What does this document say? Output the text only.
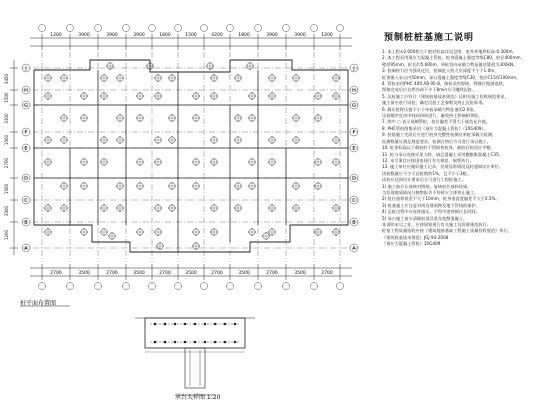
J	J
H	H
G	G
F	F
E	E
D	D
C	C
B	B
A	A
1200	3900	3900	3900	1800	1500	4200	1800	3900	3900	1200
2700	3500	2700	3500	2700	3500	2700	3500	2700	3500	2700
3450
1500
3300
1500
2700
1500
3300
1200
预制桩桩基施工说明
1. 本工程±0.000相当于绝对标高详见总图，室外外地坪标高-0.300m。
2. 本工程采用预应力混凝土管桩，桩身混凝土强度等级C80，桩径400mm，
壁厚95mm，桩长约5.600m，单桩竖向承载力特征值估算值为300kN。
3. 桩端持力层为强风化层，桩端进入持力层深度不小于1.0m，
桩顶嵌入承台内50mm，承台混凝土强度等级C30，垫层C15厚100mm。
4. 管桩采用PHC 400 AB 95-8，接桩采用焊接，焊缝应饱满连续，
焊接完成后应自然冷却不少于8min方可继续沉桩。
5. 沉桩施工应符合《建筑桩基技术规范》及相关施工验收规范要求，
施工前应进行试桩，确定沉桩工艺参数及终止沉桩标准。
6. 静压桩终压值不小于单桩承载力特征值的2.0倍，
压桩顺序宜由中间向四周进行，避免挤土影响相邻桩。
7. 图中 ○ 表示预制管桩，桩位偏差不得大于规范允许值。
8. PHC管桩图集采用《预应力混凝土管桩》（10G409）。
9. 桩基施工完成后应进行桩身完整性检测及单桩承载力检测，
检测数量应满足规范要求，检测合格后方可进行承台施工。
10. 桩顶标高以下截桩时不得损伤桩身，截桩后桩顶应平整。
11. 桩与承台连接详见大样，填芯混凝土采用微膨胀混凝土C35。
12. 未尽事宜应按国家现行有关规范、规程执行。
13. 施工单位应做好施工记录，发现异常情况及时通知设计单位。
试桩数量应不少于总桩数的1%，且不少于3根，
试桩应达到设计要求后方可进行工程桩施工。
1) 施工前应认真核对图纸，复核桩位放样结果，
当发现地质情况与勘察报告不符时应立即停止施工。
2) 桩位放样误差不大于10mm，桩身垂直度偏差不大于0.5%。
3) 桩基施工应注意对周边建筑物及地下管线的保护。
4) 沉桩过程中应连续施压，不得中途停顿过长时间。
5) 承台施工前应清除桩顶浮浆及松散混凝土。
本说明未尽之处，应按国家现行有关施工及验收规范执行。
桩基工程质量验收应按《建筑地基基础工程施工质量验收规范》执行。
《建筑桩基技术规范》JGJ 94-2008
《预应力混凝土管桩》10G409
桩平面布置图
承台大样图 1:20
